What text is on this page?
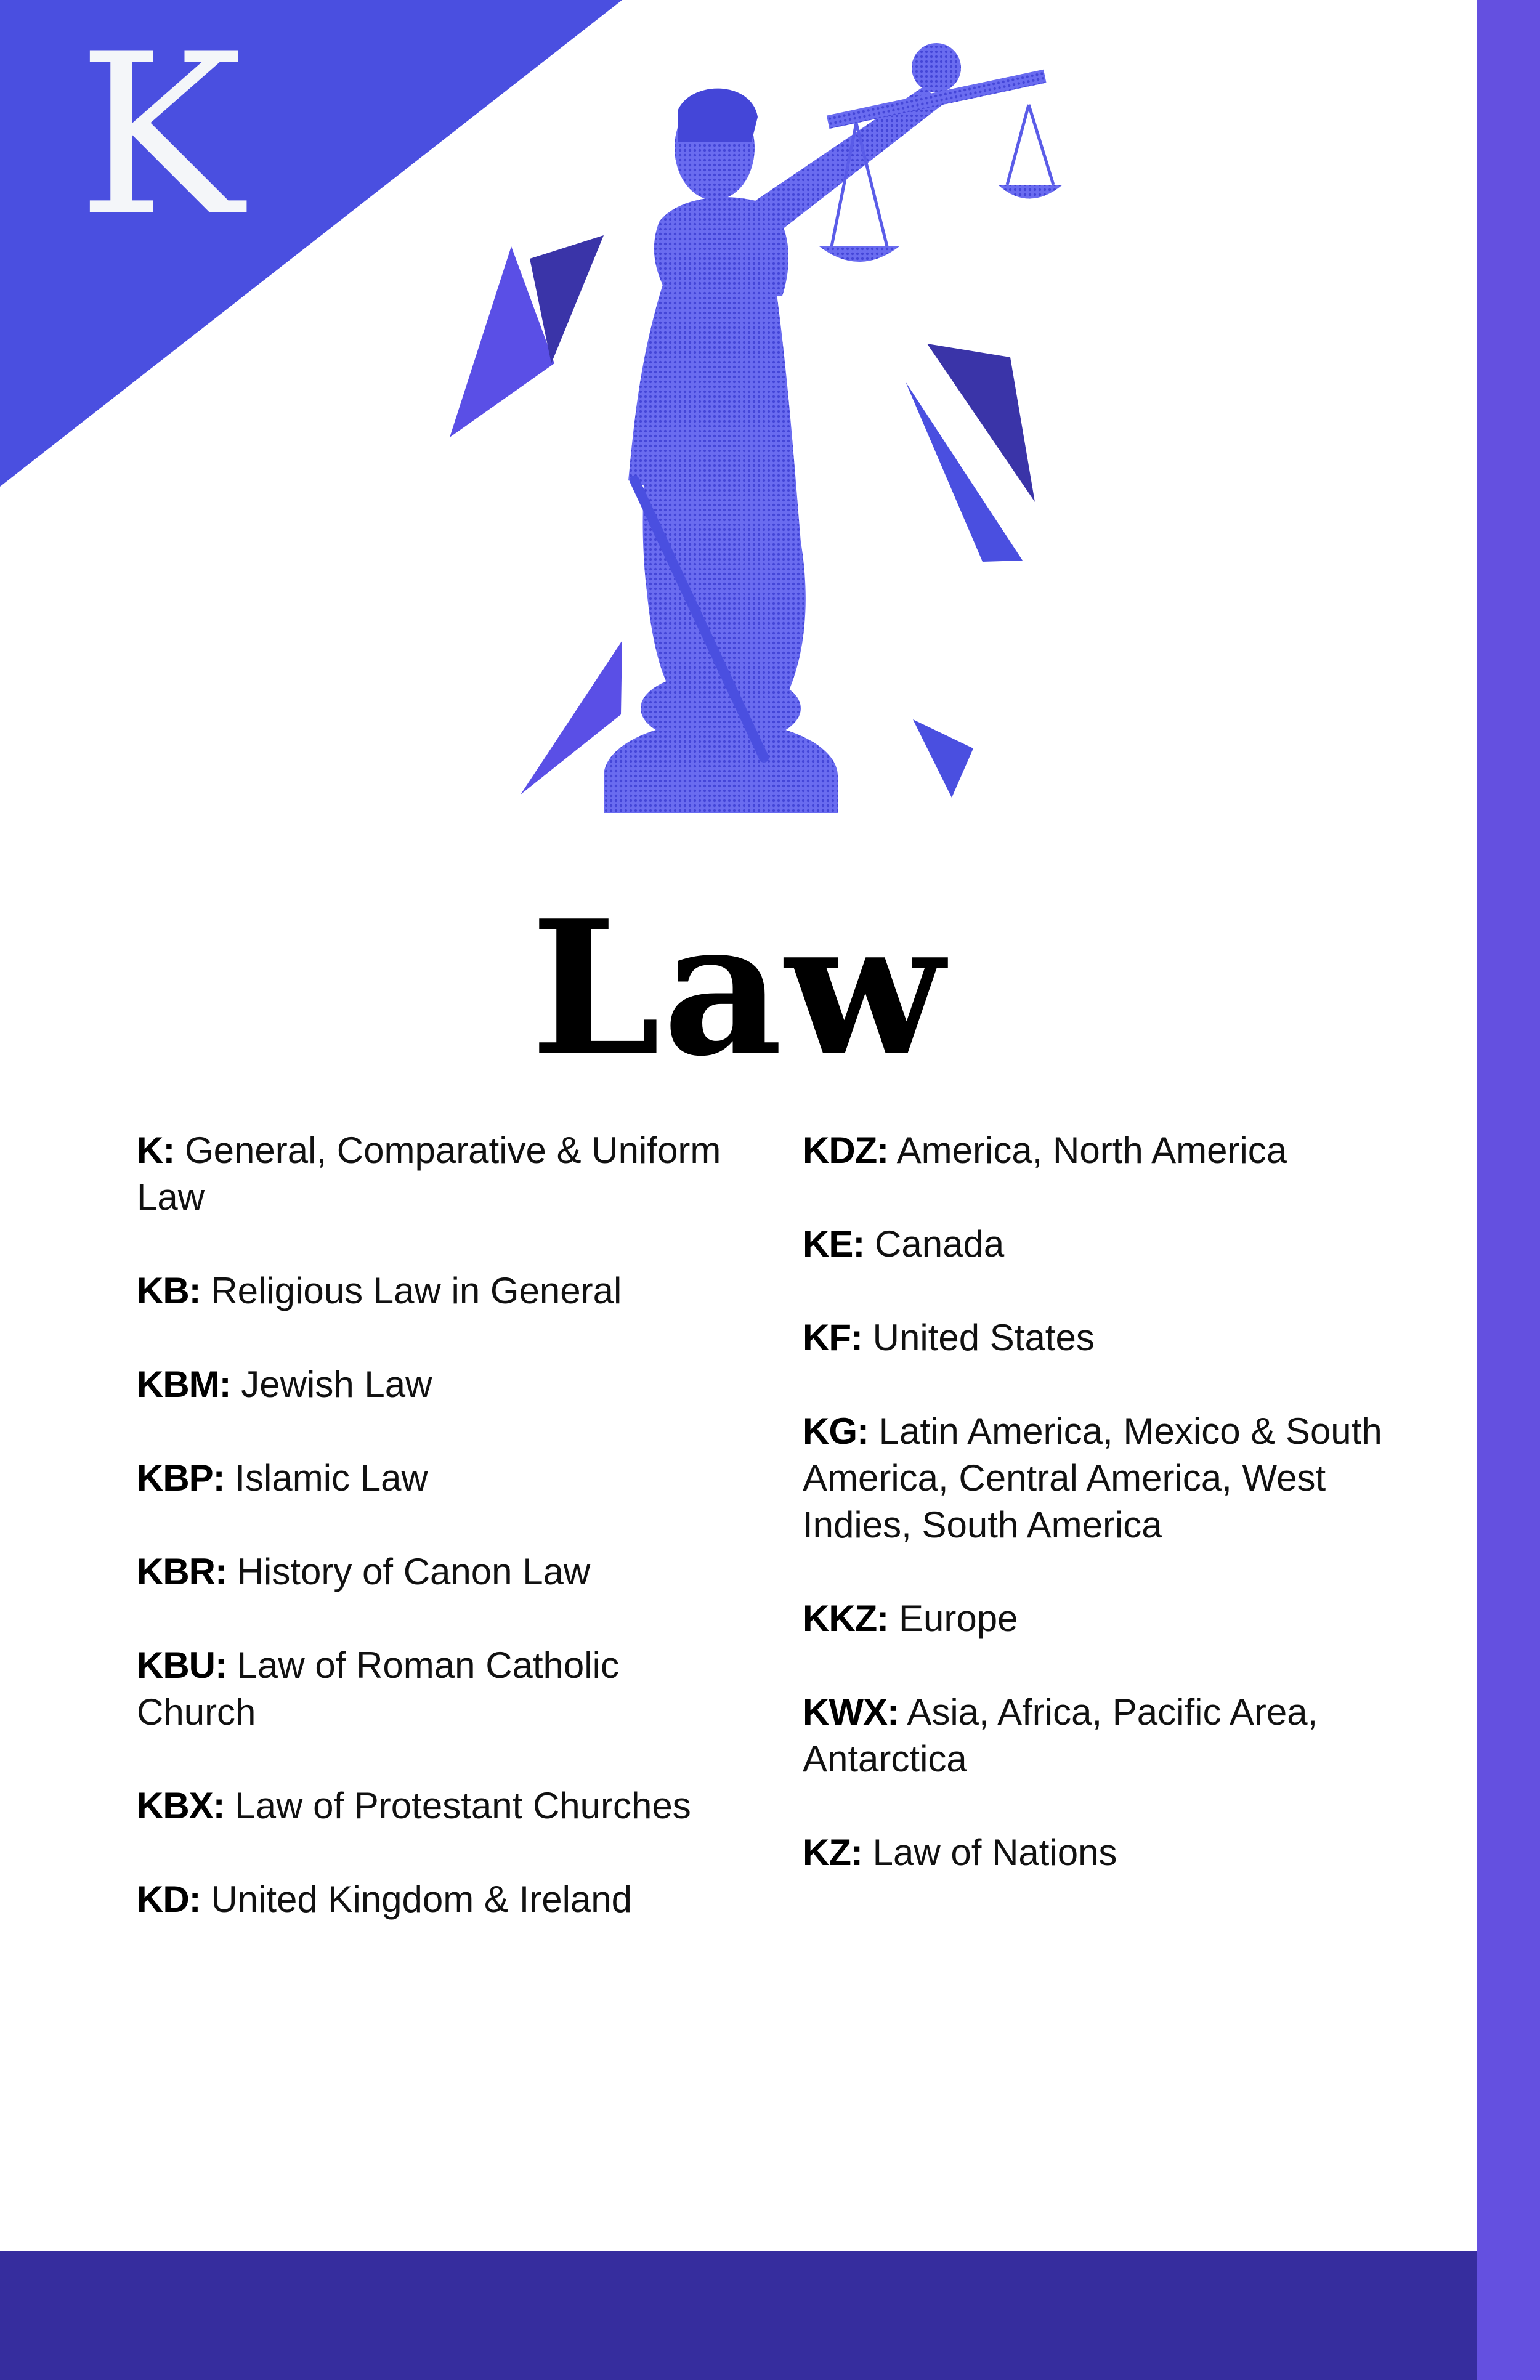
K
Law
K: General, Comparative & Uniform Law
KB: Religious Law in General
KBM: Jewish Law
KBP: Islamic Law
KBR: History of Canon Law
KBU: Law of Roman Catholic Church
KBX: Law of Protestant Churches
KD: United Kingdom & Ireland
KDZ: America, North America
KE: Canada
KF: United States
KG: Latin America, Mexico & South America, Central America, West Indies, South America
KKZ: Europe
KWX: Asia, Africa, Pacific Area, Antarctica
KZ: Law of Nations
